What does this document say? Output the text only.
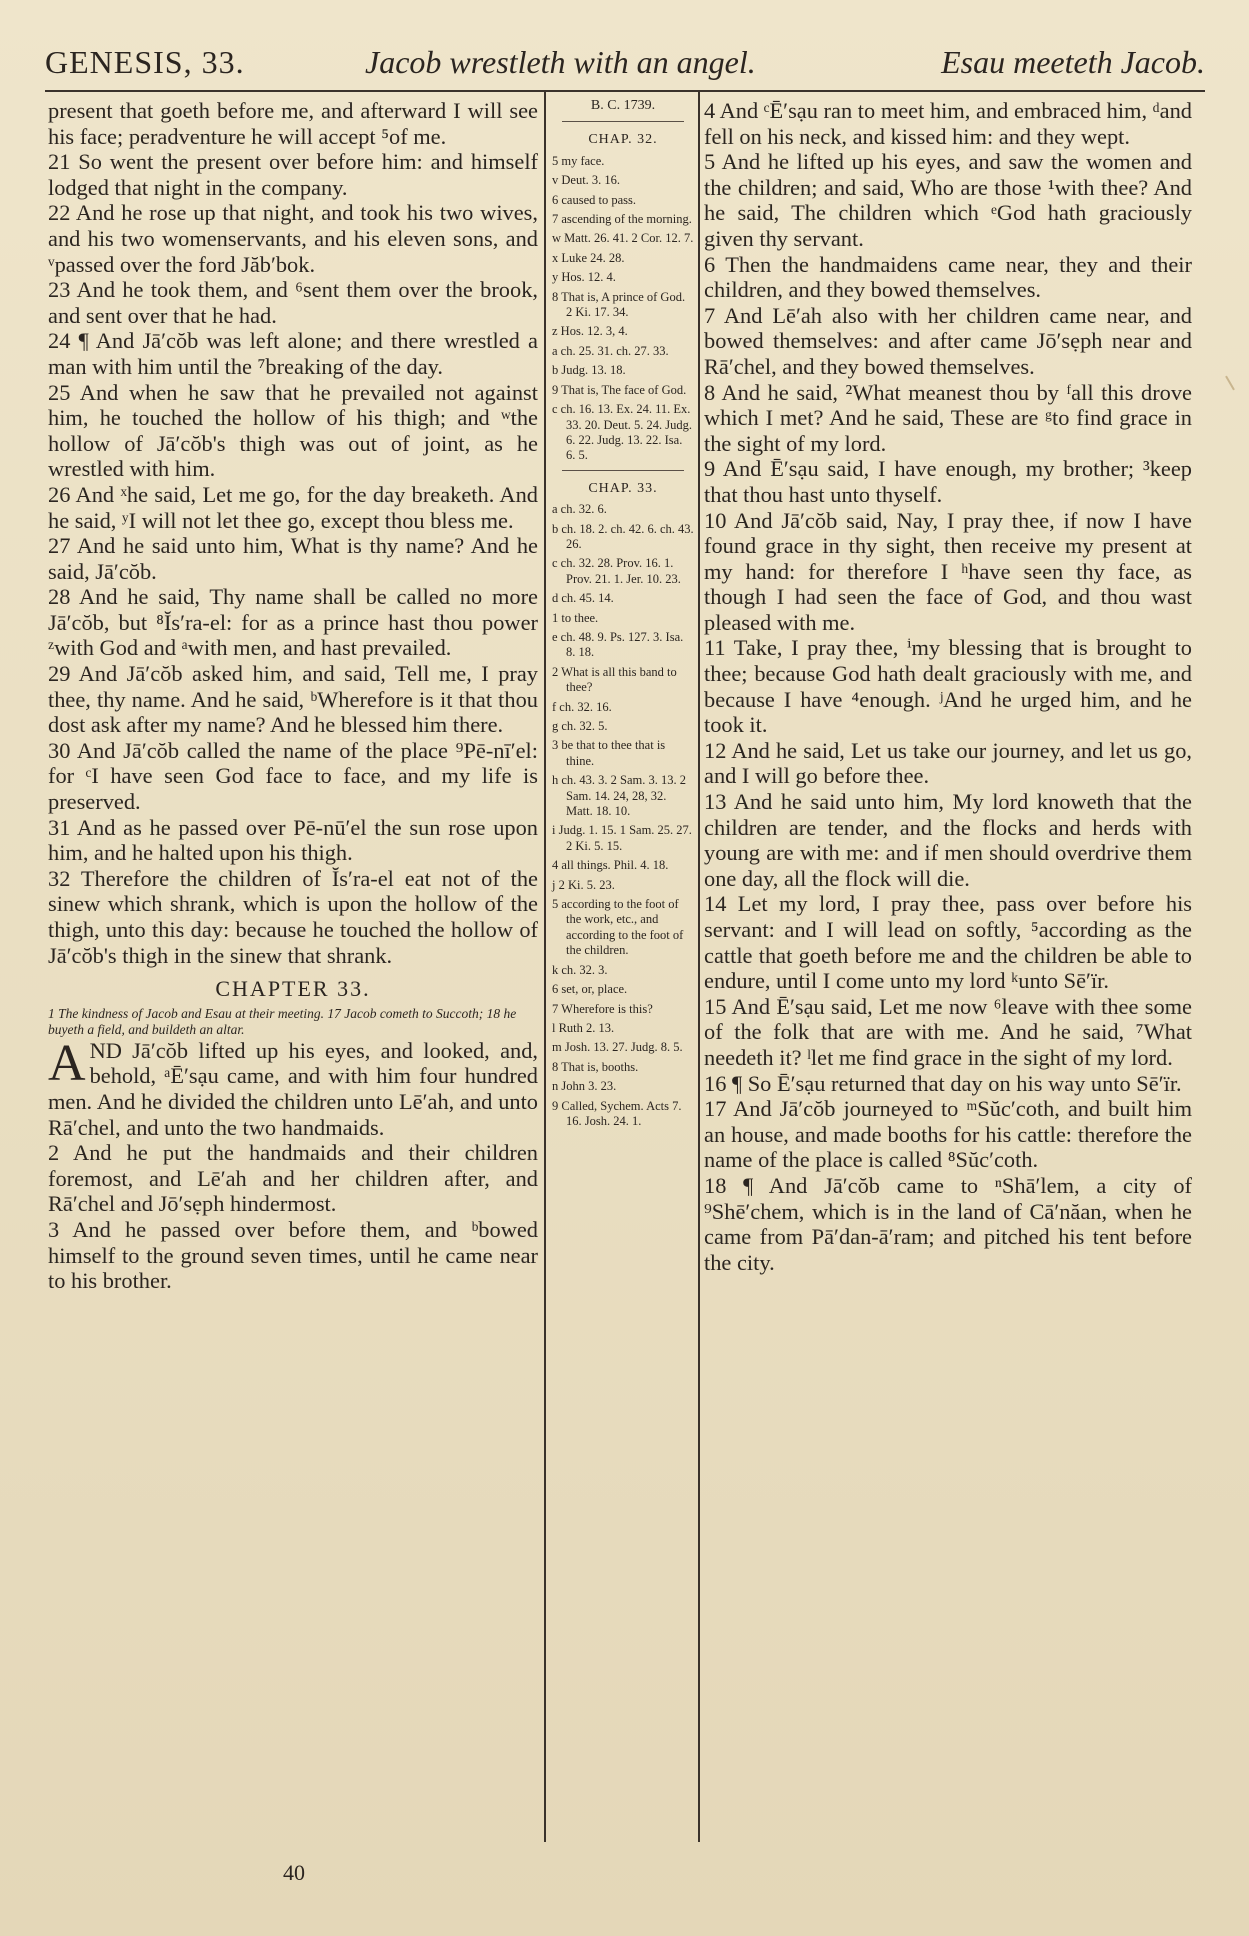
GENESIS, 33.	Jacob wrestleth with an angel.	Esau meeteth Jacob.

present that goeth before me, and afterward I will see his face; peradventure he will accept ⁵of me.

21 So went the present over before him: and himself lodged that night in the company.

22 And he rose up that night, and took his two wives, and his two womenservants, and his eleven sons, and ᵛpassed over the ford Jăb′bok.

23 And he took them, and ⁶sent them over the brook, and sent over that he had.

24 ¶ And Jā′cŏb was left alone; and there wrestled a man with him until the ⁷breaking of the day.

25 And when he saw that he prevailed not against him, he touched the hollow of his thigh; and ʷthe hollow of Jā′cŏb's thigh was out of joint, as he wrestled with him.

26 And ˣhe said, Let me go, for the day breaketh. And he said, ʸI will not let thee go, except thou bless me.

27 And he said unto him, What is thy name? And he said, Jā′cŏb.

28 And he said, Thy name shall be called no more Jā′cŏb, but ⁸Ĭs′ra-el: for as a prince hast thou power ᶻwith God and ᵃwith men, and hast prevailed.

29 And Jā′cŏb asked him, and said, Tell me, I pray thee, thy name. And he said, ᵇWherefore is it that thou dost ask after my name? And he blessed him there.

30 And Jā′cŏb called the name of the place ⁹Pē-nī′el: for ᶜI have seen God face to face, and my life is preserved.

31 And as he passed over Pē-nū′el the sun rose upon him, and he halted upon his thigh.

32 Therefore the children of Ĭs′ra-el eat not of the sinew which shrank, which is upon the hollow of the thigh, unto this day: because he touched the hollow of Jā′cŏb's thigh in the sinew that shrank.

CHAPTER 33.

1 The kindness of Jacob and Esau at their meeting. 17 Jacob cometh to Succoth; 18 he buyeth a field, and buildeth an altar.

AND Jā′cŏb lifted up his eyes, and looked, and, behold, ᵃĒ′sạu came, and with him four hundred men. And he divided the children unto Lē′ah, and unto Rā′chel, and unto the two handmaids.

2 And he put the handmaids and their children foremost, and Lē′ah and her children after, and Rā′chel and Jō′sẹph hindermost.

3 And he passed over before them, and ᵇbowed himself to the ground seven times, until he came near to his brother.

B. C. 1739.
CHAP. 32.
5 my face.
v Deut. 3. 16.
6 caused to pass.
7 ascending of the morning.
w Matt. 26. 41. 2 Cor. 12. 7.
x Luke 24. 28.
y Hos. 12. 4.
8 That is, A prince of God. 2 Ki. 17. 34.
z Hos. 12. 3, 4.
a ch. 25. 31. ch. 27. 33.
b Judg. 13. 18.
9 That is, The face of God.
c ch. 16. 13. Ex. 24. 11. Ex. 33. 20. Deut. 5. 24. Judg. 6. 22. Judg. 13. 22. Isa. 6. 5.
CHAP. 33.
a ch. 32. 6.
b ch. 18. 2. ch. 42. 6. ch. 43. 26.
c ch. 32. 28. Prov. 16. 1. Prov. 21. 1. Jer. 10. 23.
d ch. 45. 14.
1 to thee.
e ch. 48. 9. Ps. 127. 3. Isa. 8. 18.
2 What is all this band to thee?
f ch. 32. 16.
g ch. 32. 5.
3 be that to thee that is thine.
h ch. 43. 3. 2 Sam. 3. 13. 2 Sam. 14. 24, 28, 32. Matt. 18. 10.
i Judg. 1. 15. 1 Sam. 25. 27. 2 Ki. 5. 15.
4 all things. Phil. 4. 18.
j 2 Ki. 5. 23.
5 according to the foot of the work, etc., and according to the foot of the children.
k ch. 32. 3.
6 set, or, place.
7 Wherefore is this?
l Ruth 2. 13.
m Josh. 13. 27. Judg. 8. 5.
8 That is, booths.
n John 3. 23.
9 Called, Sychem. Acts 7. 16. Josh. 24. 1.

4 And ᶜĒ′sạu ran to meet him, and embraced him, ᵈand fell on his neck, and kissed him: and they wept.

5 And he lifted up his eyes, and saw the women and the children; and said, Who are those ¹with thee? And he said, The children which ᵉGod hath graciously given thy servant.

6 Then the handmaidens came near, they and their children, and they bowed themselves.

7 And Lē′ah also with her children came near, and bowed themselves: and after came Jō′sẹph near and Rā′chel, and they bowed themselves.

8 And he said, ²What meanest thou by ᶠall this drove which I met? And he said, These are ᵍto find grace in the sight of my lord.

9 And Ē′sạu said, I have enough, my brother; ³keep that thou hast unto thyself.

10 And Jā′cŏb said, Nay, I pray thee, if now I have found grace in thy sight, then receive my present at my hand: for therefore I ʰhave seen thy face, as though I had seen the face of God, and thou wast pleased with me.

11 Take, I pray thee, ⁱmy blessing that is brought to thee; because God hath dealt graciously with me, and because I have ⁴enough. ʲAnd he urged him, and he took it.

12 And he said, Let us take our journey, and let us go, and I will go before thee.

13 And he said unto him, My lord knoweth that the children are tender, and the flocks and herds with young are with me: and if men should overdrive them one day, all the flock will die.

14 Let my lord, I pray thee, pass over before his servant: and I will lead on softly, ⁵according as the cattle that goeth before me and the children be able to endure, until I come unto my lord ᵏunto Sē′ïr.

15 And Ē′sạu said, Let me now ⁶leave with thee some of the folk that are with me. And he said, ⁷What needeth it? ˡlet me find grace in the sight of my lord.

16 ¶ So Ē′sạu returned that day on his way unto Sē′ïr.

17 And Jā′cŏb journeyed to ᵐSŭc′coth, and built him an house, and made booths for his cattle: therefore the name of the place is called ⁸Sŭc′coth.

18 ¶ And Jā′cŏb came to ⁿShā′lem, a city of ⁹Shē′chem, which is in the land of Cā′năan, when he came from Pā′dan-ā′ram; and pitched his tent before the city.

40
